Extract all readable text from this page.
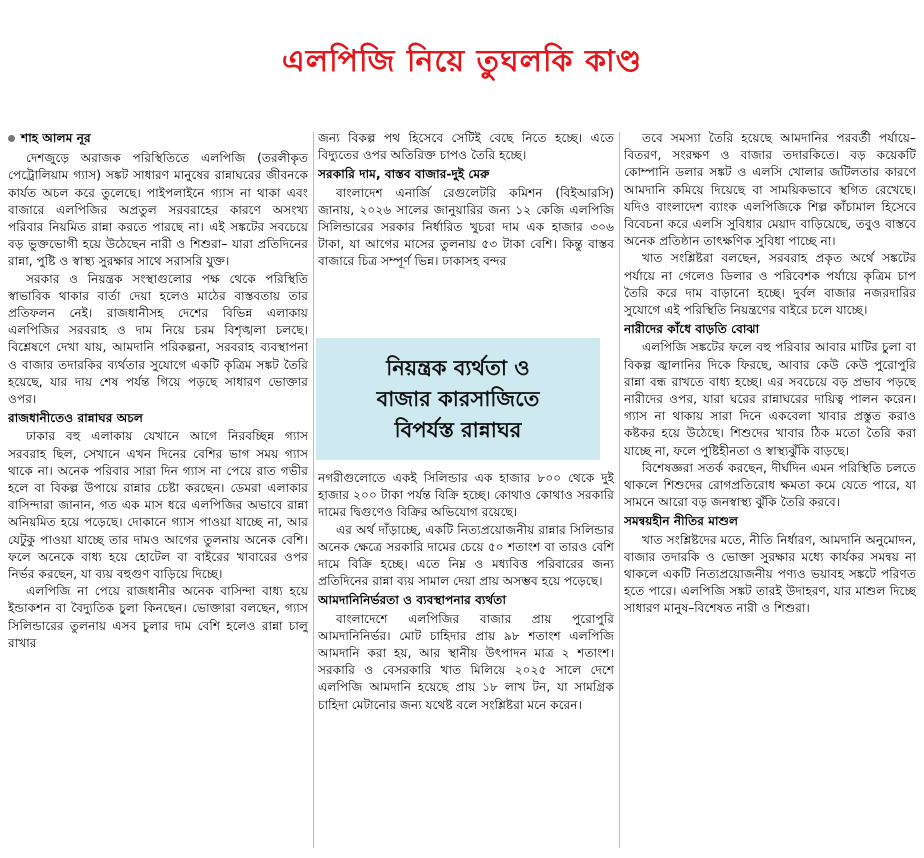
এলপিজি নিয়ে তুঘলকি কাণ্ড
শাহ আলম নূর

দেশজুড়ে অরাজক পরিস্থিতিতে এলপিজি (তরলীকৃত পেট্রোলিয়াম গ্যাস) সঙ্কট সাধারণ মানুষের রান্নাঘরের জীবনকে কার্যত অচল করে তুলেছে। পাইপলাইনে গ্যাস না থাকা এবং বাজারে এলপিজির অপ্রতুল সরবরাহের কারণে অসংখ্য পরিবার নিয়মিত রান্না করতে পারছে না। এই সঙ্কটের সবচেয়ে বড় ভুক্তভোগী হয়ে উঠেছেন নারী ও শিশুরা– যারা প্রতিদিনের রান্না, পুষ্টি ও স্বাস্থ্য সুরক্ষার সাথে সরাসরি যুক্ত।

সরকার ও নিয়ন্ত্রক সংস্থাগুলোর পক্ষ থেকে পরিস্থিতি স্বাভাবিক থাকার বার্তা দেয়া হলেও মাঠের বাস্তবতায় তার প্রতিফলন নেই। রাজধানীসহ দেশের বিভিন্ন এলাকায় এলপিজির সরবরাহ ও দাম নিয়ে চরম বিশৃঙ্খলা চলছে। বিশ্লেষণে দেখা যায়, আমদানি পরিকল্পনা, সরবরাহ ব্যবস্থাপনা ও বাজার তদারকির ব্যর্থতার সুযোগে একটি কৃত্রিম সঙ্কট তৈরি হয়েছে, যার দায় শেষ পর্যন্ত গিয়ে পড়ছে সাধারণ ভোক্তার ওপর।

রাজধানীতেও রান্নাঘর অচল

ঢাকার বহু এলাকায় যেখানে আগে নিরবচ্ছিন্ন গ্যাস সরবরাহ ছিল, সেখানে এখন দিনের বেশির ভাগ সময় গ্যাস থাকে না। অনেক পরিবার সারা দিন গ্যাস না পেয়ে রাত গভীর হলে বা বিকল্প উপায়ে রান্নার চেষ্টা করছেন। ডেমরা এলাকার বাসিন্দারা জানান, গত এক মাস ধরে এলপিজির অভাবে রান্না অনিয়মিত হয়ে পড়েছে। দোকানে গ্যাস পাওয়া যাচ্ছে না, আর যেটুকু পাওয়া যাচ্ছে তার দামও আগের তুলনায় অনেক বেশি। ফলে অনেকে বাধ্য হয়ে হোটেল বা বাইরের খাবারের ওপর নির্ভর করছেন, যা ব্যয় বহুগুণ বাড়িয়ে দিচ্ছে।

এলপিজি না পেয়ে রাজধানীর অনেক বাসিন্দা বাধ্য হয়ে ইন্ডাকশন বা বৈদ্যুতিক চুলা কিনছেন। ভোক্তারা বলছেন, গ্যাস সিলিন্ডারের তুলনায় এসব চুলার দাম বেশি হলেও রান্না চালু রাখার

জন্য বিকল্প পথ হিসেবে সেটিই বেছে নিতে হচ্ছে। এতে বিদ্যুতের ওপর অতিরিক্ত চাপও তৈরি হচ্ছে।

সরকারি দাম, বাস্তব বাজার-দুই মেরু

বাংলাদেশ এনার্জি রেগুলেটরি কমিশন (বিইআরসি) জানায়, ২০২৬ সালের জানুয়ারির জন্য ১২ কেজি এলপিজি সিলিন্ডারের সরকার নির্ধারিত খুচরা দাম এক হাজার ৩০৬ টাকা, যা আগের মাসের তুলনায় ৫৩ টাকা বেশি। কিন্তু বাস্তব বাজারে চিত্র সম্পূর্ণ ভিন্ন। ঢাকাসহ বন্দর

নিয়ন্ত্রক ব্যর্থতা ও
বাজার কারসাজিতে
বিপর্যস্ত রান্নাঘর

নগরীগুলোতে একই সিলিন্ডার এক হাজার ৮০০ থেকে দুই হাজার ২০০ টাকা পর্যন্ত বিক্রি হচ্ছে। কোথাও কোথাও সরকারি দামের দ্বিগুণেও বিক্রির অভিযোগ রয়েছে।

এর অর্থ দাঁড়াচ্ছে, একটি নিত্যপ্রয়োজনীয় রান্নার সিলিন্ডার অনেক ক্ষেত্রে সরকারি দামের চেয়ে ৫০ শতাংশ বা তারও বেশি দামে বিক্রি হচ্ছে। এতে নিম্ন ও মধ্যবিত্ত পরিবারের জন্য প্রতিদিনের রান্না ব্যয় সামাল দেয়া প্রায় অসম্ভব হয়ে পড়েছে।

আমদানিনির্ভরতা ও ব্যবস্থাপনার ব্যর্থতা

বাংলাদেশে এলপিজির বাজার প্রায় পুরোপুরি আমদানিনির্ভর। মোট চাহিদার প্রায় ৯৮ শতাংশ এলপিজি আমদানি করা হয়, আর স্থানীয় উৎপাদন মাত্র ২ শতাংশ। সরকারি ও বেসরকারি খাত মিলিয়ে ২০২৫ সালে দেশে এলপিজি আমদানি হয়েছে প্রায় ১৮ লাখ টন, যা সামগ্রিক চাহিদা মেটানোর জন্য যথেষ্ট বলে সংশ্লিষ্টরা মনে করেন।

তবে সমস্যা তৈরি হয়েছে আমদানির পরবর্তী পর্যায়ে– বিতরণ, সংরক্ষণ ও বাজার তদারকিতে। বড় কয়েকটি কোম্পানি ডলার সঙ্কট ও এলসি খোলার জটিলতার কারণে আমদানি কমিয়ে দিয়েছে বা সাময়িকভাবে স্থগিত রেখেছে। যদিও বাংলাদেশ ব্যাংক এলপিজিকে শিল্প কাঁচামাল হিসেবে বিবেচনা করে এলসি সুবিধার মেয়াদ বাড়িয়েছে, তবুও বাস্তবে অনেক প্রতিষ্ঠান তাৎক্ষণিক সুবিধা পাচ্ছে না।

খাত সংশ্লিষ্টরা বলছেন, সরবরাহ প্রকৃত অর্থে সঙ্কটের পর্যায়ে না গেলেও ডিলার ও পরিবেশক পর্যায়ে কৃত্রিম চাপ তৈরি করে দাম বাড়ানো হচ্ছে। দুর্বল বাজার নজরদারির সুযোগে এই পরিস্থিতি নিয়ন্ত্রণের বাইরে চলে যাচ্ছে।

নারীদের কাঁধে বাড়তি বোঝা

এলপিজি সঙ্কটের ফলে বহু পরিবার আবার মাটির চুলা বা বিকল্প জ্বালানির দিকে ফিরছে, আবার কেউ কেউ পুরোপুরি রান্না বন্ধ রাখতে বাধ্য হচ্ছে। এর সবচেয়ে বড় প্রভাব পড়ছে নারীদের ওপর, যারা ঘরের রান্নাঘরের দায়িত্ব পালন করেন। গ্যাস না থাকায় সারা দিনে একবেলা খাবার প্রস্তুত করাও কষ্টকর হয়ে উঠেছে। শিশুদের খাবার ঠিক মতো তৈরি করা যাচ্ছে না, ফলে পুষ্টিহীনতা ও স্বাস্থ্যঝুঁকি বাড়ছে।

বিশেষজ্ঞরা সতর্ক করছেন, দীর্ঘদিন এমন পরিস্থিতি চলতে থাকলে শিশুদের রোগপ্রতিরোধ ক্ষমতা কমে যেতে পারে, যা সামনে আরো বড় জনস্বাস্থ্য ঝুঁকি তৈরি করবে।

সমন্বয়হীন নীতির মাশুল

খাত সংশ্লিষ্টদের মতে, নীতি নির্ধারণ, আমদানি অনুমোদন, বাজার তদারকি ও ভোক্তা সুরক্ষার মধ্যে কার্যকর সমন্বয় না থাকলে একটি নিত্যপ্রয়োজনীয় পণ্যও ভয়াবহ সঙ্কটে পরিণত হতে পারে। এলপিজি সঙ্কট তারই উদাহরণ, যার মাশুল দিচ্ছে সাধারণ মানুষ–বিশেষত নারী ও শিশুরা।
